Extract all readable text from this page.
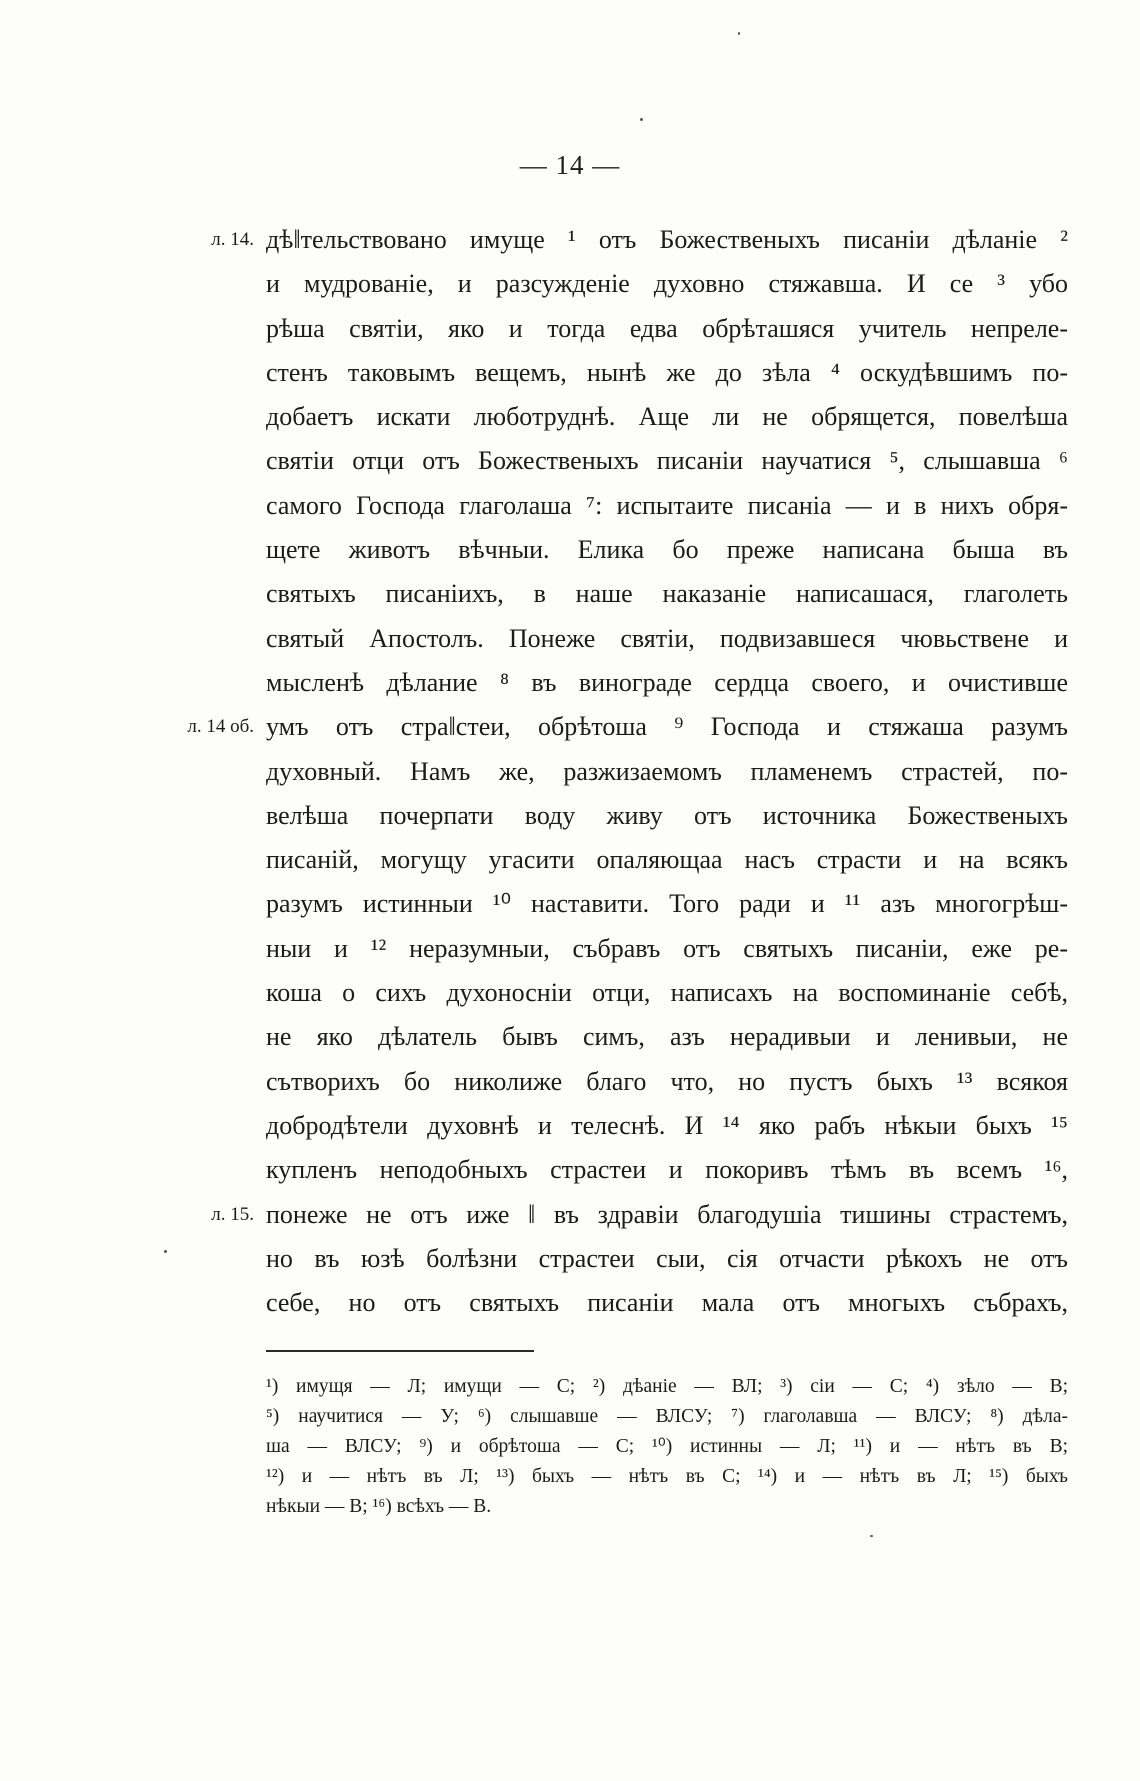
— 14 —
дѣ‖тельствовано имущe ¹ отъ Божественыхъ писаніи дѣланіе ²
л. 14.
и мудрованіе, и разсужденіе духовно стяжавша. И се ³ убо
рѣша святіи, яко и тогда едва обрѣташяся учитель непреле-
стенъ таковымъ вещемъ, нынѣ же до зѣла ⁴ оскудѣвшимъ по-
добаетъ искати люботруднѣ. Аще ли не обрящется, повелѣша
святіи отци отъ Божественыхъ писаніи научатися ⁵, слышавша ⁶
самого Господа глаголаша ⁷: испытаите писаніа — и в нихъ обря-
щете животъ вѣчныи. Елика бо преже написана быша въ
святыхъ писаніихъ, в наше наказаніе написашася, глаголеть
святый Апостолъ. Понеже святіи, подвизавшеся чювьствене и
мысленѣ дѣлание ⁸ въ винограде сердца своего, и очистивше
умъ отъ стра‖стеи, обрѣтоша ⁹ Господа и стяжаша разумъ
л. 14 об.
духовный. Намъ же, разжизаемомъ пламенемъ страстей, по-
велѣша почерпати воду живу отъ источника Божественыхъ
писаній, могущу угасити опаляющаа насъ страсти и на всякъ
разумъ истинныи ¹⁰ наставити. Того ради и ¹¹ азъ многогрѣш-
ныи и ¹² неразумныи, събравъ отъ святыхъ писаніи, еже ре-
коша о сихъ духоносніи отци, написахъ на воспоминаніе себѣ,
не яко дѣлатель бывъ симъ, азъ нерадивыи и ленивыи, не
сътворихъ бо николиже благо что, но пустъ быхъ ¹³ всякоя
добродѣтели духовнѣ и телеснѣ. И ¹⁴ яко рабъ нѣкыи быхъ ¹⁵
купленъ неподобныхъ страстеи и покоривъ тѣмъ въ всемъ ¹⁶,
понеже не отъ иже ‖ въ здравіи благодушіа тишины страстемъ,
л. 15.
но въ юзѣ болѣзни страстеи сыи, сія отчасти рѣкохъ не отъ
себе, но отъ святыхъ писаніи мала отъ многыхъ събрахъ,
¹) имущя — Л; имущи — С; ²) дѣаніе — ВЛ; ³) сіи — С; ⁴) зѣло — В;
⁵) научитися — У; ⁶) слышавше — ВЛСУ; ⁷) глаголавша — ВЛСУ; ⁸) дѣла-
ша — ВЛСУ; ⁹) и обрѣтоша — С; ¹⁰) истинны — Л; ¹¹) и — нѣтъ въ В;
¹²) и — нѣтъ въ Л; ¹³) быхъ — нѣтъ въ С; ¹⁴) и — нѣтъ въ Л; ¹⁵) быхъ
нѣкыи — В; ¹⁶) всѣхъ — В.
